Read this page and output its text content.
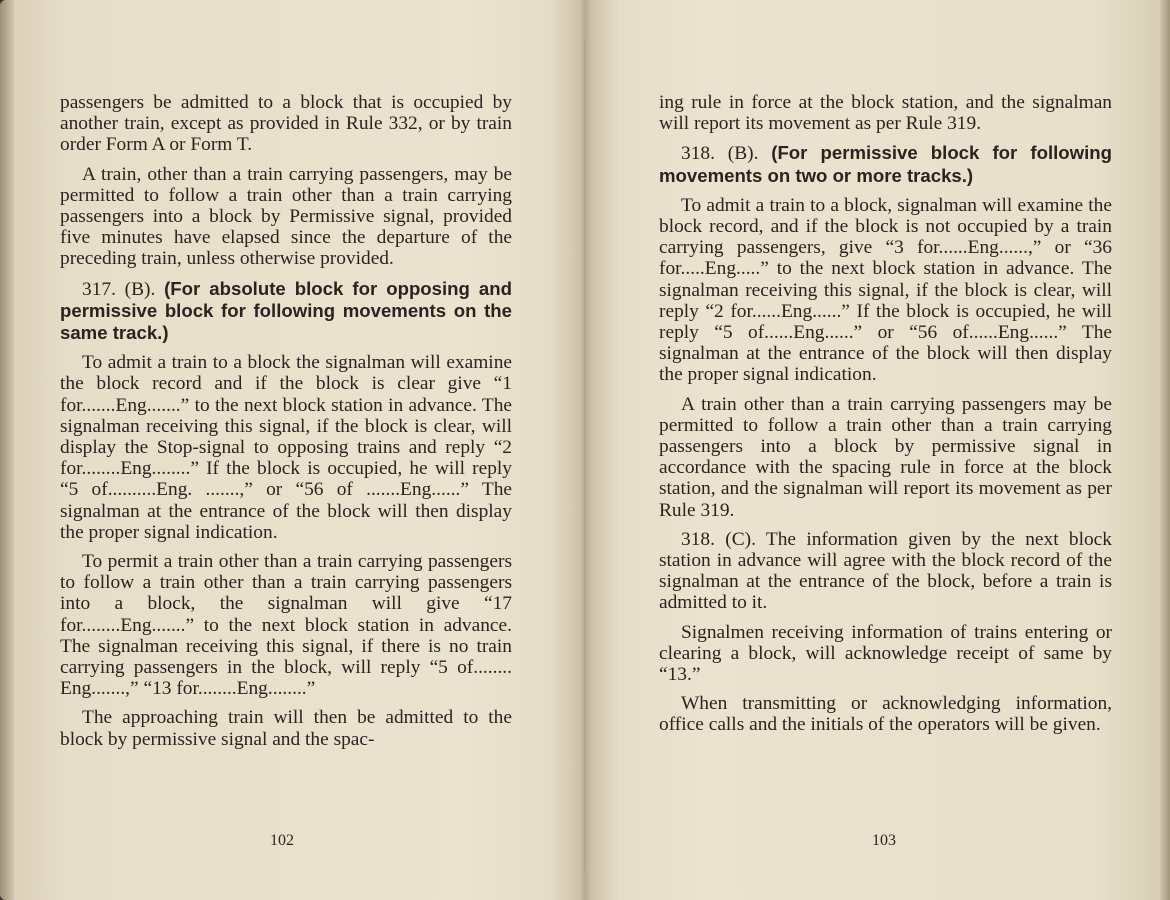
passengers be admitted to a block that is occupied by another train, except as provided in Rule 332, or by train order Form A or Form T.

A train, other than a train carrying passengers, may be permitted to follow a train other than a train carrying passengers into a block by Permissive signal, provided five minutes have elapsed since the departure of the preceding train, unless otherwise provided.

317. (B). (For absolute block for opposing and permissive block for following movements on the same track.)

To admit a train to a block the signalman will examine the block record and if the block is clear give “1 for.......Eng.......” to the next block station in advance. The signalman receiving this signal, if the block is clear, will display the Stop-signal to opposing trains and reply “2 for........Eng........” If the block is occupied, he will reply “5 of..........Eng. .......,” or “56 of .......Eng......” The signalman at the entrance of the block will then display the proper signal indication.

To permit a train other than a train carrying passengers to follow a train other than a train carrying passengers into a block, the signalman will give “17 for........Eng.......” to the next block station in advance. The signalman receiving this signal, if there is no train carrying passengers in the block, will reply “5 of........ Eng.......,” “13 for........Eng........”

The approaching train will then be admitted to the block by permissive signal and the spac-

102

ing rule in force at the block station, and the signalman will report its movement as per Rule 319.

318. (B). (For permissive block for following movements on two or more tracks.)

To admit a train to a block, signalman will examine the block record, and if the block is not occupied by a train carrying passengers, give “3 for......Eng......,” or “36 for.....Eng.....” to the next block station in advance. The signalman receiving this signal, if the block is clear, will reply “2 for......Eng......” If the block is occupied, he will reply “5 of......Eng......” or “56 of......Eng......” The signalman at the entrance of the block will then display the proper signal indication.

A train other than a train carrying passengers may be permitted to follow a train other than a train carrying passengers into a block by permissive signal in accordance with the spacing rule in force at the block station, and the signalman will report its movement as per Rule 319.

318. (C). The information given by the next block station in advance will agree with the block record of the signalman at the entrance of the block, before a train is admitted to it.

Signalmen receiving information of trains entering or clearing a block, will acknowledge receipt of same by “13.”

When transmitting or acknowledging information, office calls and the initials of the operators will be given.

103
